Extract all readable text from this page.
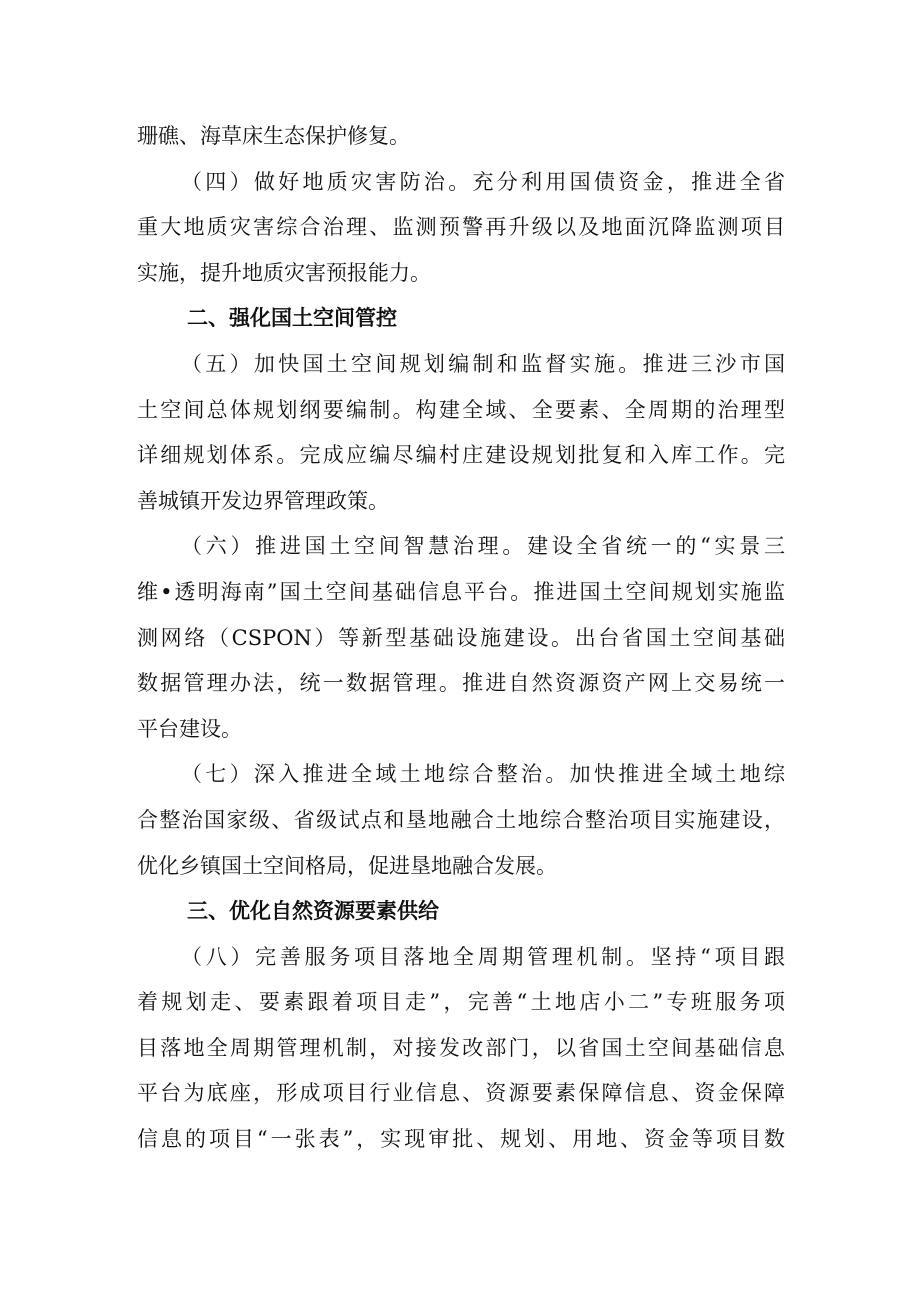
珊礁、海草床生态保护修复。
（四）做好地质灾害防治。充分利用国债资金，推进全省
重大地质灾害综合治理、监测预警再升级以及地面沉降监测项目
实施，提升地质灾害预报能力。
二、强化国土空间管控
（五）加快国土空间规划编制和监督实施。推进三沙市国
土空间总体规划纲要编制。构建全域、全要素、全周期的治理型
详细规划体系。完成应编尽编村庄建设规划批复和入库工作。完
善城镇开发边界管理政策。
（六）推进国土空间智慧治理。建设全省统一的“实景三
维•透明海南”国土空间基础信息平台。推进国土空间规划实施监
测网络（CSPON）等新型基础设施建设。出台省国土空间基础
数据管理办法，统一数据管理。推进自然资源资产网上交易统一
平台建设。
（七）深入推进全域土地综合整治。加快推进全域土地综
合整治国家级、省级试点和垦地融合土地综合整治项目实施建设，
优化乡镇国土空间格局，促进垦地融合发展。
三、优化自然资源要素供给
（八）完善服务项目落地全周期管理机制。坚持“项目跟
着规划走、要素跟着项目走”，完善“土地店小二”专班服务项
目落地全周期管理机制，对接发改部门，以省国土空间基础信息
平台为底座，形成项目行业信息、资源要素保障信息、资金保障
信息的项目“一张表”，实现审批、规划、用地、资金等项目数
